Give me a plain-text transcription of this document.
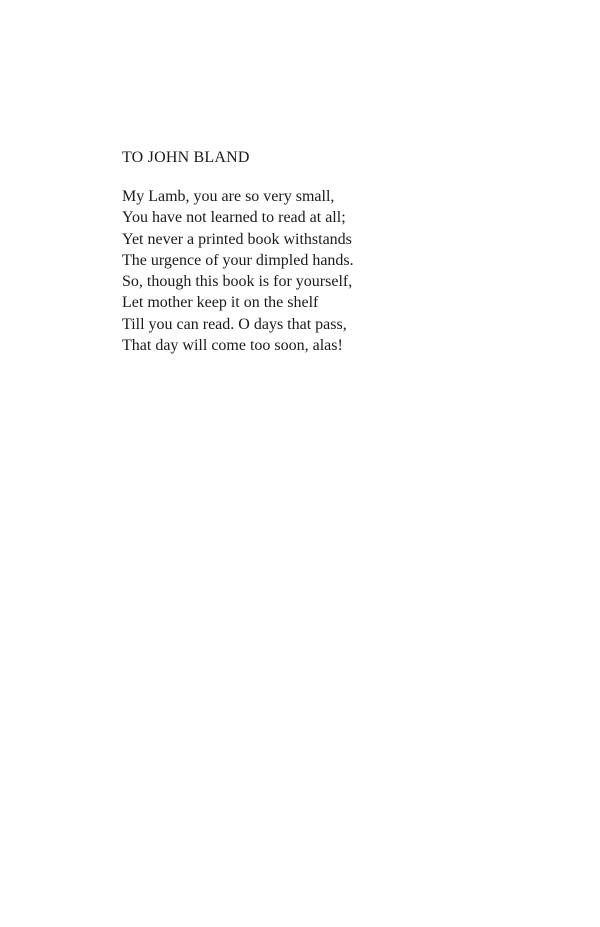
TO JOHN BLAND
My Lamb, you are so very small,
You have not learned to read at all;
Yet never a printed book withstands
The urgence of your dimpled hands.
So, though this book is for yourself,
Let mother keep it on the shelf
Till you can read. O days that pass,
That day will come too soon, alas!
